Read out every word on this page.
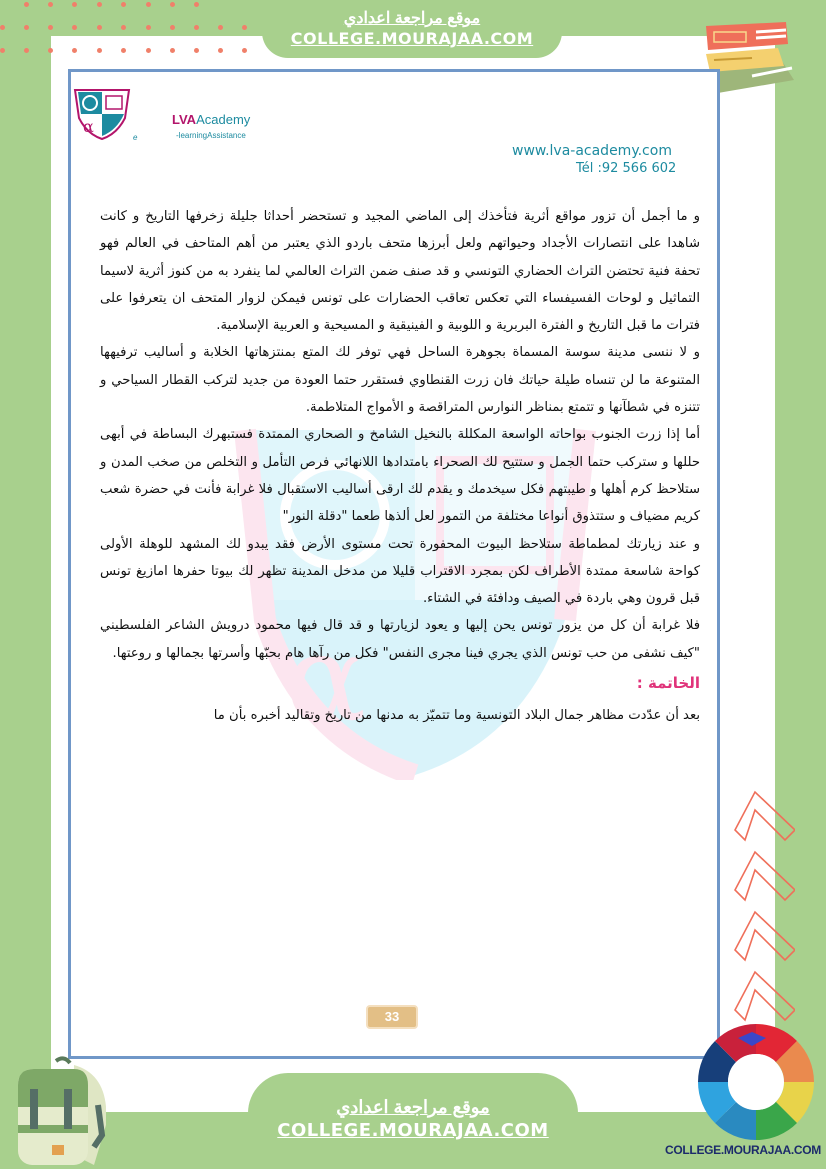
موقع مراجعة اعدادي
COLLEGE.MOURAJAA.COM
α
α
e
LVAAcademy
-learningAssistance
www.lva-academy.com
Tél :92 566 602

و ما أجمل أن تزور مواقع أثرية فتأخذك إلى الماضي المجيد و تستحضر أحداثا جليلة زخرفها التاريخ و كانت شاهدا على انتصارات الأجداد وحيواتهم ولعل أبرزها متحف باردو الذي يعتبر من أهم المتاحف في العالم فهو تحفة فنية تحتضن التراث الحضاري التونسي و قد صنف ضمن التراث العالمي لما ينفرد به من كنوز أثرية لاسيما التماثيل و لوحات الفسيفساء التي تعكس تعاقب الحضارات على تونس فيمكن لزوار المتحف ان يتعرفوا على فترات ما قبل التاريخ و الفترة البربرية و اللوبية و الفينيقية و المسيحية و العربية الإسلامية.

و لا ننسى مدينة سوسة المسماة بجوهرة الساحل فهي توفر لك المتع بمنتزهاتها الخلابة و أساليب ترفيهها المتنوعة ما لن تنساه طيلة حياتك فان زرت القنطاوي فستقرر حتما العودة من جديد لتركب القطار السياحي و تتنزه في شطآنها و تتمتع بمناظر النوارس المتراقصة و الأمواج المتلاطمة.

أما إذا زرت الجنوب بواحاته الواسعة المكللة بالنخيل الشامخ و الصحاري الممتدة فستبهرك البساطة في أبهى حللها و ستركب حتما الجمل و ستتيح لك الصحراء بامتدادها اللانهائي فرص التأمل و التخلص من صخب المدن و ستلاحظ كرم أهلها و طيبتهم فكل سيخدمك و يقدم لك ارقى أساليب الاستقبال فلا غرابة فأنت في حضرة شعب كريم مضياف و ستتذوق أنواعا مختلفة من التمور لعل ألذها طعما "دقلة النور"

و عند زيارتك لمطماطة ستلاحظ البيوت المحفورة تحت مستوى الأرض فقد يبدو لك المشهد للوهلة الأولى كواحة شاسعة ممتدة الأطراف لكن بمجرد الاقتراب قليلا من مدخل المدينة تظهر لك بيوتا حفرها امازيغ تونس قبل قرون وهي باردة في الصيف ودافئة في الشتاء.

فلا غرابة أن كل من يزور تونس يحن إليها و يعود لزيارتها و قد قال فيها محمود درويش الشاعر الفلسطيني "كيف نشفى من حب تونس الذي يجري فينا مجرى النفس" فكل من رآها هام بحبّها وأسرتها بجمالها و روعتها.

الخاتمة :

بعد أن عدّدت مظاهر جمال البلاد التونسية وما تتميّز به مدنها من تاريخ وتقاليد أخبره بأن ما

33
موقع مراجعة اعدادي
COLLEGE.MOURAJAA.COM
COLLEGE.MOURAJAA.COM
